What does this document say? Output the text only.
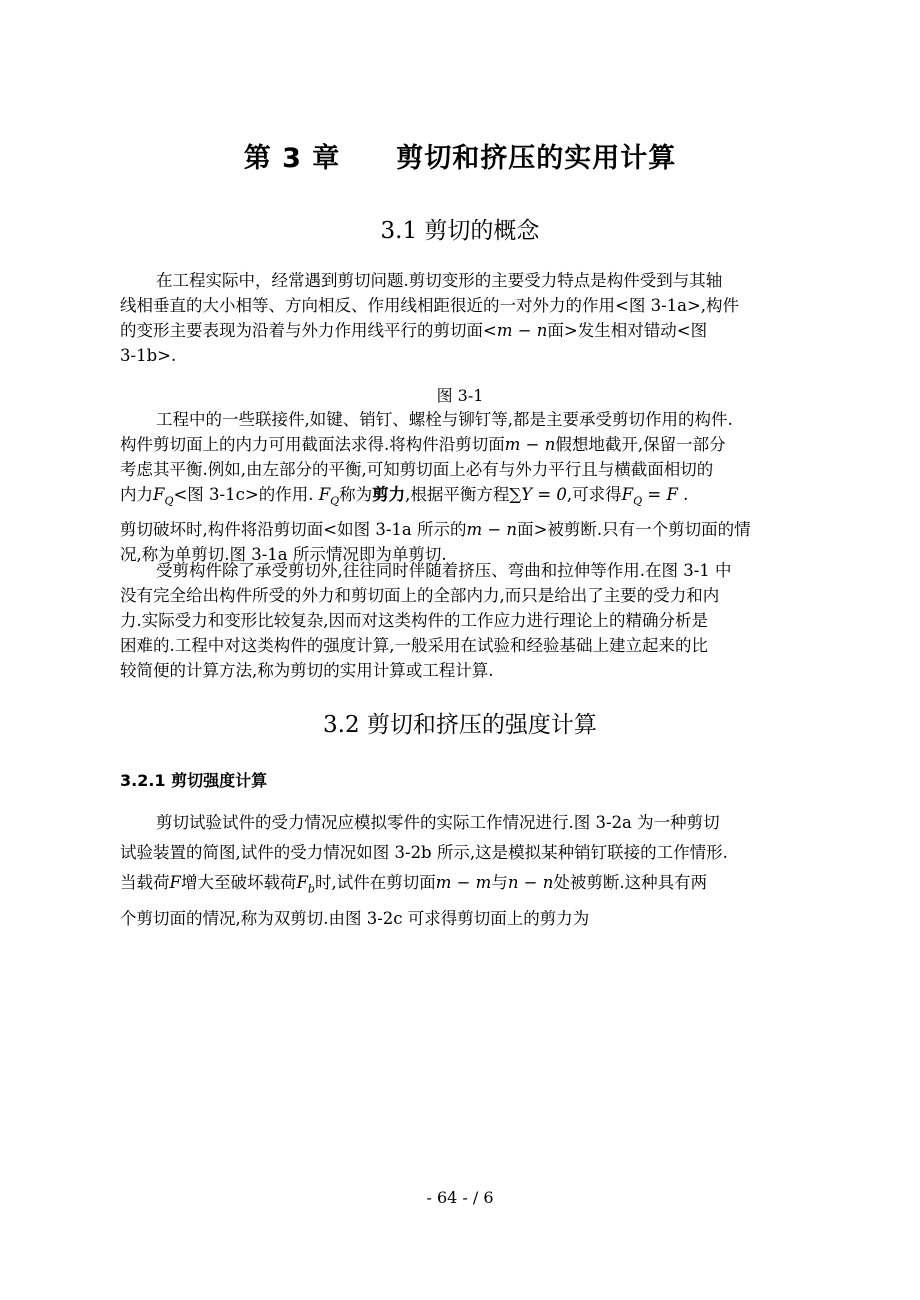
第 3 章 剪切和挤压的实用计算
3.1 剪切的概念
在工程实际中，经常遇到剪切问题.剪切变形的主要受力特点是构件受到与其轴
线相垂直的大小相等、方向相反、作用线相距很近的一对外力的作用<图 3-1a>,构件
的变形主要表现为沿着与外力作用线平行的剪切面<m − n面>发生相对错动<图
3-1b>.
图 3-1
工程中的一些联接件,如键、销钉、螺栓与铆钉等,都是主要承受剪切作用的构件.
构件剪切面上的内力可用截面法求得.将构件沿剪切面m − n假想地截开,保留一部分
考虑其平衡.例如,由左部分的平衡,可知剪切面上必有与外力平行且与横截面相切的
内力$F_Q<$图 3-1c>的作用. $F_Q$称为剪力,根据平衡方程∑Y = 0,可求得$F_Q = F$ .
剪切破坏时,构件将沿剪切面<如图 3-1a 所示的m − n面>被剪断.只有一个剪切面的情
况,称为单剪切.图 3-1a 所示情况即为单剪切.
受剪构件除了承受剪切外,往往同时伴随着挤压、弯曲和拉伸等作用.在图 3-1 中
没有完全给出构件所受的外力和剪切面上的全部内力,而只是给出了主要的受力和内
力.实际受力和变形比较复杂,因而对这类构件的工作应力进行理论上的精确分析是
困难的.工程中对这类构件的强度计算,一般采用在试验和经验基础上建立起来的比
较简便的计算方法,称为剪切的实用计算或工程计算.
3.2 剪切和挤压的强度计算
3.2.1 剪切强度计算
剪切试验试件的受力情况应模拟零件的实际工作情况进行.图 3-2a 为一种剪切
试验装置的简图,试件的受力情况如图 3-2b 所示,这是模拟某种销钉联接的工作情形.
当载荷F增大至破坏载荷$F_b$时,试件在剪切面m − m与n − n处被剪断.这种具有两
个剪切面的情况,称为双剪切.由图 3-2c 可求得剪切面上的剪力为
- 64 - / 6
